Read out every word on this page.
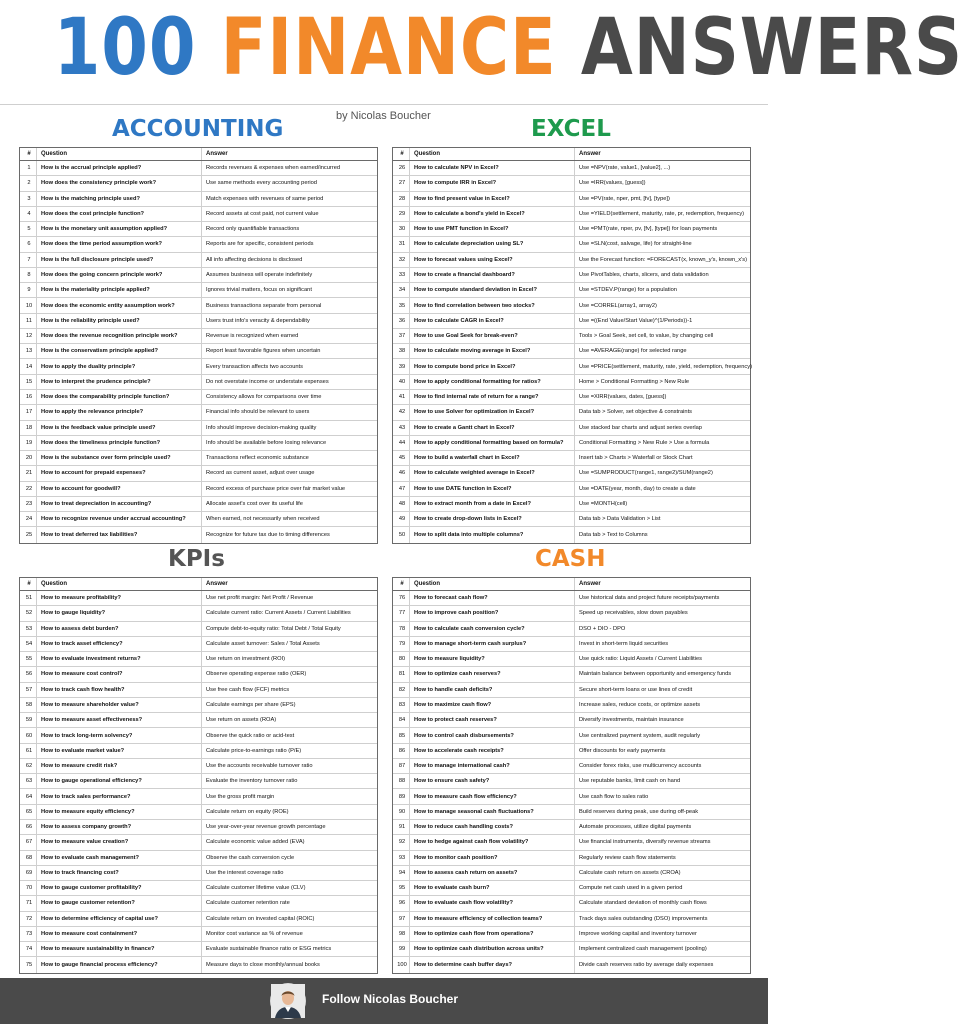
100 FINANCE ANSWERS
by Nicolas Boucher
ACCOUNTING	EXCEL
KPIs	CASH
#	Question	Answer
1	How is the accrual principle applied?	Records revenues & expenses when earned/incurred
2	How does the consistency principle work?	Use same methods every accounting period
3	How is the matching principle used?	Match expenses with revenues of same period
4	How does the cost principle function?	Record assets at cost paid, not current value
5	How is the monetary unit assumption applied?	Record only quantifiable transactions
6	How does the time period assumption work?	Reports are for specific, consistent periods
7	How is the full disclosure principle used?	All info affecting decisions is disclosed
8	How does the going concern principle work?	Assumes business will operate indefinitely
9	How is the materiality principle applied?	Ignores trivial matters, focus on significant
10	How does the economic entity assumption work?	Business transactions separate from personal
11	How is the reliability principle used?	Users trust info's veracity & dependability
12	How does the revenue recognition principle work?	Revenue is recognized when earned
13	How is the conservatism principle applied?	Report least favorable figures when uncertain
14	How to apply the duality principle?	Every transaction affects two accounts
15	How to interpret the prudence principle?	Do not overstate income or understate expenses
16	How does the comparability principle function?	Consistency allows for comparisons over time
17	How to apply the relevance principle?	Financial info should be relevant to users
18	How is the feedback value principle used?	Info should improve decision-making quality
19	How does the timeliness principle function?	Info should be available before losing relevance
20	How is the substance over form principle used?	Transactions reflect economic substance
21	How to account for prepaid expenses?	Record as current asset, adjust over usage
22	How to account for goodwill?	Record excess of purchase price over fair market value
23	How to treat depreciation in accounting?	Allocate asset's cost over its useful life
24	How to recognize revenue under accrual accounting?	When earned, not necessarily when received
25	How to treat deferred tax liabilities?	Recognize for future tax due to timing differences
#	Question	Answer
26	How to calculate NPV in Excel?	Use =NPV(rate, value1, [value2], ...)
27	How to compute IRR in Excel?	Use =IRR(values, [guess])
28	How to find present value in Excel?	Use =PV(rate, nper, pmt, [fv], [type])
29	How to calculate a bond's yield in Excel?	Use =YIELD(settlement, maturity, rate, pr, redemption, frequency)
30	How to use PMT function in Excel?	Use =PMT(rate, nper, pv, [fv], [type]) for loan payments
31	How to calculate depreciation using SL?	Use =SLN(cost, salvage, life) for straight-line
32	How to forecast values using Excel?	Use the Forecast function: =FORECAST(x, known_y's, known_x's)
33	How to create a financial dashboard?	Use PivotTables, charts, slicers, and data validation
34	How to compute standard deviation in Excel?	Use =STDEV.P(range) for a population
35	How to find correlation between two stocks?	Use =CORREL(array1, array2)
36	How to calculate CAGR in Excel?	Use =((End Value/Start Value)^(1/Periods))-1
37	How to use Goal Seek for break-even?	Tools > Goal Seek, set cell, to value, by changing cell
38	How to calculate moving average in Excel?	Use =AVERAGE(range) for selected range
39	How to compute bond price in Excel?	Use =PRICE(settlement, maturity, rate, yield, redemption, frequency)
40	How to apply conditional formatting for ratios?	Home > Conditional Formatting > New Rule
41	How to find internal rate of return for a range?	Use =XIRR(values, dates, [guess])
42	How to use Solver for optimization in Excel?	Data tab > Solver, set objective & constraints
43	How to create a Gantt chart in Excel?	Use stacked bar charts and adjust series overlap
44	How to apply conditional formatting based on formula?	Conditional Formatting > New Rule > Use a formula
45	How to build a waterfall chart in Excel?	Insert tab > Charts > Waterfall or Stock Chart
46	How to calculate weighted average in Excel?	Use =SUMPRODUCT(range1, range2)/SUM(range2)
47	How to use DATE function in Excel?	Use =DATE(year, month, day) to create a date
48	How to extract month from a date in Excel?	Use =MONTH(cell)
49	How to create drop-down lists in Excel?	Data tab > Data Validation > List
50	How to split data into multiple columns?	Data tab > Text to Columns
#	Question	Answer
51	How to measure profitability?	Use net profit margin: Net Profit / Revenue
52	How to gauge liquidity?	Calculate current ratio: Current Assets / Current Liabilities
53	How to assess debt burden?	Compute debt-to-equity ratio: Total Debt / Total Equity
54	How to track asset efficiency?	Calculate asset turnover: Sales / Total Assets
55	How to evaluate investment returns?	Use return on investment (ROI)
56	How to measure cost control?	Observe operating expense ratio (OER)
57	How to track cash flow health?	Use free cash flow (FCF) metrics
58	How to measure shareholder value?	Calculate earnings per share (EPS)
59	How to measure asset effectiveness?	Use return on assets (ROA)
60	How to track long-term solvency?	Observe the quick ratio or acid-test
61	How to evaluate market value?	Calculate price-to-earnings ratio (P/E)
62	How to measure credit risk?	Use the accounts receivable turnover ratio
63	How to gauge operational efficiency?	Evaluate the inventory turnover ratio
64	How to track sales performance?	Use the gross profit margin
65	How to measure equity efficiency?	Calculate return on equity (ROE)
66	How to assess company growth?	Use year-over-year revenue growth percentage
67	How to measure value creation?	Calculate economic value added (EVA)
68	How to evaluate cash management?	Observe the cash conversion cycle
69	How to track financing cost?	Use the interest coverage ratio
70	How to gauge customer profitability?	Calculate customer lifetime value (CLV)
71	How to gauge customer retention?	Calculate customer retention rate
72	How to determine efficiency of capital use?	Calculate return on invested capital (ROIC)
73	How to measure cost containment?	Monitor cost variance as % of revenue
74	How to measure sustainability in finance?	Evaluate sustainable finance ratio or ESG metrics
75	How to gauge financial process efficiency?	Measure days to close monthly/annual books
#	Question	Answer
76	How to forecast cash flow?	Use historical data and project future receipts/payments
77	How to improve cash position?	Speed up receivables, slow down payables
78	How to calculate cash conversion cycle?	DSO + DIO - DPO
79	How to manage short-term cash surplus?	Invest in short-term liquid securities
80	How to measure liquidity?	Use quick ratio: Liquid Assets / Current Liabilities
81	How to optimize cash reserves?	Maintain balance between opportunity and emergency funds
82	How to handle cash deficits?	Secure short-term loans or use lines of credit
83	How to maximize cash flow?	Increase sales, reduce costs, or optimize assets
84	How to protect cash reserves?	Diversify investments, maintain insurance
85	How to control cash disbursements?	Use centralized payment system, audit regularly
86	How to accelerate cash receipts?	Offer discounts for early payments
87	How to manage international cash?	Consider forex risks, use multicurrency accounts
88	How to ensure cash safety?	Use reputable banks, limit cash on hand
89	How to measure cash flow efficiency?	Use cash flow to sales ratio
90	How to manage seasonal cash fluctuations?	Build reserves during peak, use during off-peak
91	How to reduce cash handling costs?	Automate processes, utilize digital payments
92	How to hedge against cash flow volatility?	Use financial instruments, diversify revenue streams
93	How to monitor cash position?	Regularly review cash flow statements
94	How to assess cash return on assets?	Calculate cash return on assets (CROA)
95	How to evaluate cash burn?	Compute net cash used in a given period
96	How to evaluate cash flow volatility?	Calculate standard deviation of monthly cash flows
97	How to measure efficiency of collection teams?	Track days sales outstanding (DSO) improvements
98	How to optimize cash flow from operations?	Improve working capital and inventory turnover
99	How to optimize cash distribution across units?	Implement centralized cash management (pooling)
100	How to determine cash buffer days?	Divide cash reserves ratio by average daily expenses
Follow Nicolas Boucher
